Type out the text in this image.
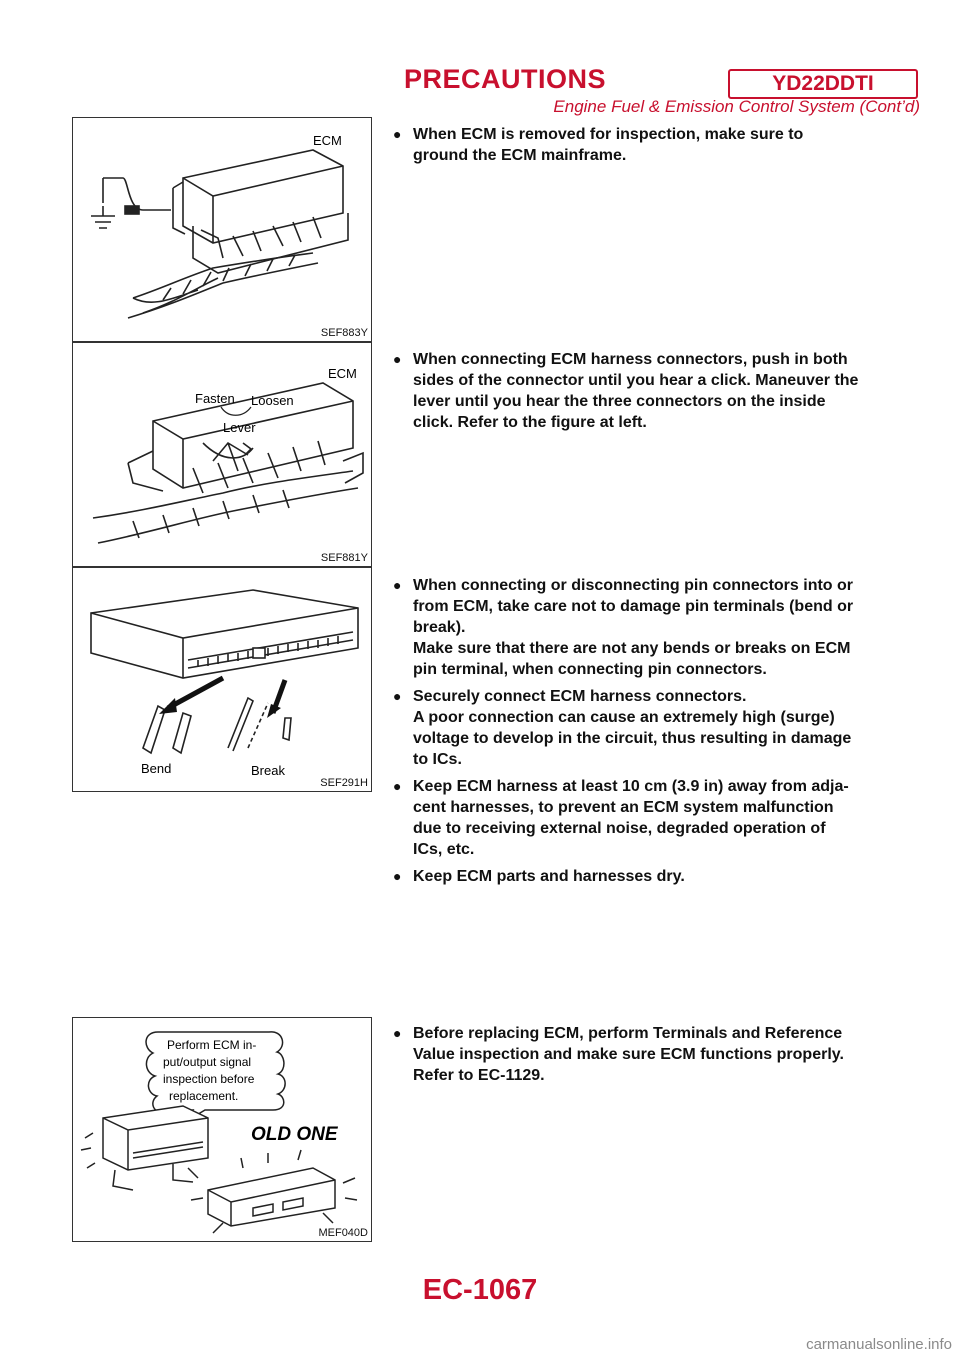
PRECAUTIONS	YD22DDTI
Engine Fuel & Emission Control System (Cont’d)
ECM
SEF883Y
ECM
Fasten Loosen
Lever
SEF881Y
Bend	Break
SEF291H
Perform ECM in-
put/output signal
inspection before
replacement.
OLD ONE
MEF040D
● When ECM is removed for inspection, make sure to
ground the ECM mainframe.
● When connecting ECM harness connectors, push in both
sides of the connector until you hear a click. Maneuver the
lever until you hear the three connectors on the inside
click. Refer to the figure at left.
● When connecting or disconnecting pin connectors into or
from ECM, take care not to damage pin terminals (bend or
break).
Make sure that there are not any bends or breaks on ECM
pin terminal, when connecting pin connectors.
● Securely connect ECM harness connectors.
A poor connection can cause an extremely high (surge)
voltage to develop in the circuit, thus resulting in damage
to ICs.
● Keep ECM harness at least 10 cm (3.9 in) away from adja-
cent harnesses, to prevent an ECM system malfunction
due to receiving external noise, degraded operation of
ICs, etc.
● Keep ECM parts and harnesses dry.
● Before replacing ECM, perform Terminals and Reference
Value inspection and make sure ECM functions properly.
Refer to EC-1129.
EC-1067
carmanualsonline.info
